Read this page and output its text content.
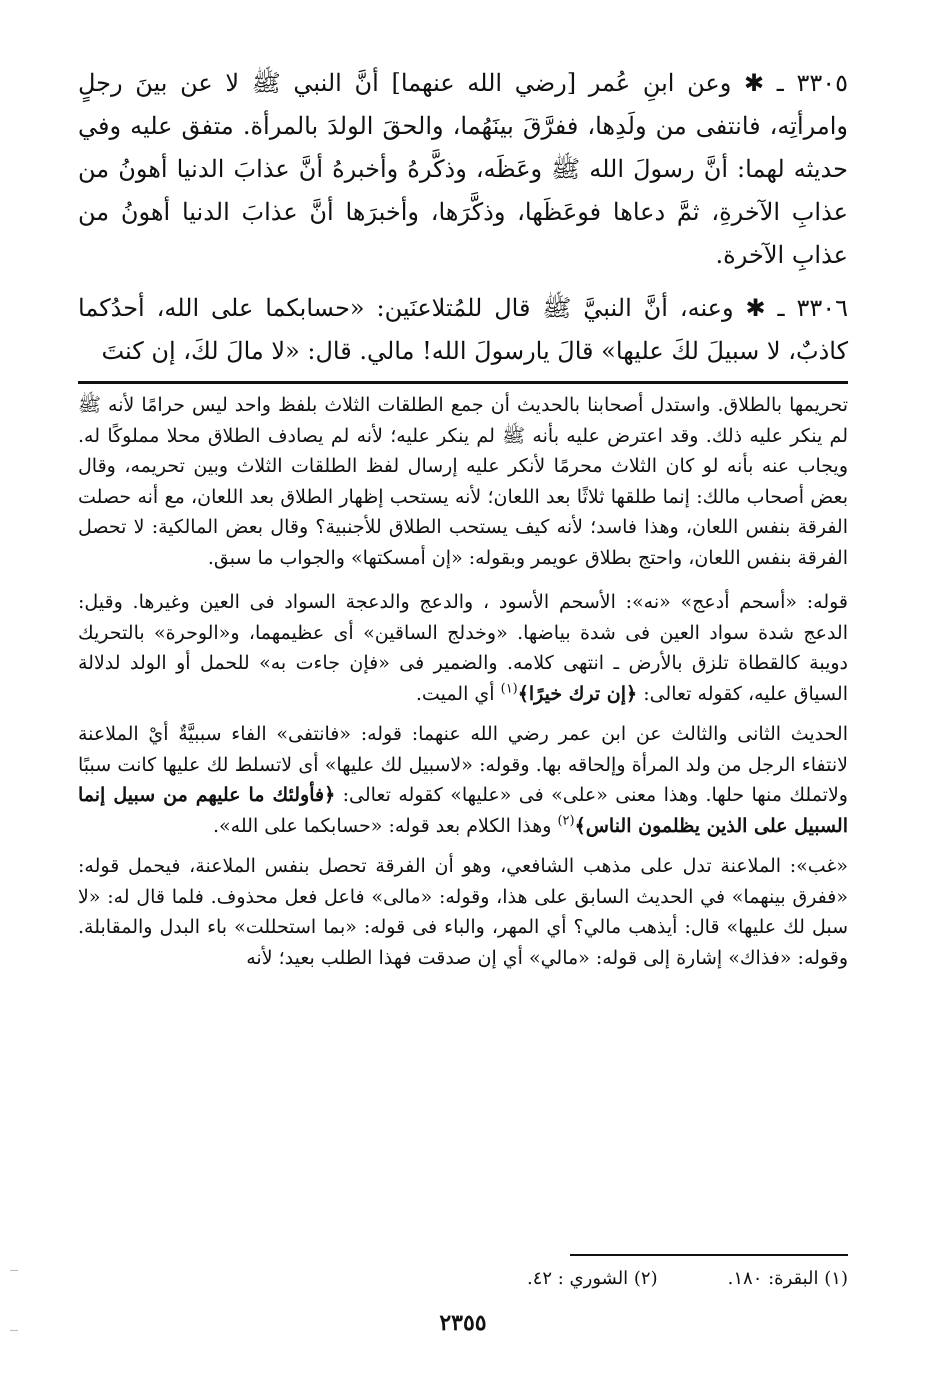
٣٣٠٥ ـ ✱ وعن ابنِ عُمر [رضي الله عنهما] أنَّ النبي ﷺ لا عن بينَ رجلٍ وامرأتِه، فانتفى من ولَدِها، ففرَّقَ بينَهُما، والحقَ الولدَ بالمرأة. متفق عليه وفي حديثه لهما: أنَّ رسولَ الله ﷺ وعَظَه، وذكَّرهُ وأخبرهُ أنَّ عذابَ الدنيا أهونُ من عذابِ الآخرةِ، ثمَّ دعاها فوعَظَها، وذكَّرَها، وأخبرَها أنَّ عذابَ الدنيا أهونُ من عذابِ الآخرة.

٣٣٠٦ ـ ✱ وعنه، أنَّ النبيَّ ﷺ قال للمُتلاعنَين: «حسابكما على الله، أحدُكما كاذبٌ، لا سبيلَ لكَ عليها» قالَ يارسولَ الله! مالي. قال: «لا مالَ لكَ، إن كنتَ

تحريمها بالطلاق. واستدل أصحابنا بالحديث أن جمع الطلقات الثلاث بلفظ واحد ليس حرامًا لأنه ﷺ لم ينكر عليه ذلك. وقد اعترض عليه بأنه ﷺ لم ينكر عليه؛ لأنه لم يصادف الطلاق محلا مملوكًا له. ويجاب عنه بأنه لو كان الثلاث محرمًا لأنكر عليه إرسال لفظ الطلقات الثلاث وبين تحريمه، وقال بعض أصحاب مالك: إنما طلقها ثلاثًا بعد اللعان؛ لأنه يستحب إظهار الطلاق بعد اللعان، مع أنه حصلت الفرقة بنفس اللعان، وهذا فاسد؛ لأنه كيف يستحب الطلاق للأجنبية؟ وقال بعض المالكية: لا تحصل الفرقة بنفس اللعان، واحتج بطلاق عويمر وبقوله: «إن أمسكتها» والجواب ما سبق.

قوله: «أسحم أدعج» «نه»: الأسحم الأسود ، والدعج والدعجة السواد فى العين وغيرها. وقيل: الدعج شدة سواد العين فى شدة بياضها. «وخدلج الساقين» أى عظيمهما، و«الوحرة» بالتحريك دويبة كالقطاة تلزق بالأرض ـ انتهى كلامه. والضمير فى «فإن جاءت به» للحمل أو الولد لدلالة السياق عليه، كقوله تعالى: ﴿إن ترك خيرًا﴾$^{(١)}$ أي الميت.

الحديث الثانى والثالث عن ابن عمر رضي الله عنهما: قوله: «فانتفى» الفاء سببيَّةٌ أيْ الملاعنة لانتفاء الرجل من ولد المرأة وإلحاقه بها. وقوله: «لاسبيل لك عليها» أى لاتسلط لك عليها كانت سببًا ولاتملك منها حلها. وهذا معنى «على» فى «عليها» كقوله تعالى: ﴿فأولئك ما عليهم من سبيل إنما السبيل على الذين يظلمون الناس﴾$^{(٢)}$ وهذا الكلام بعد قوله: «حسابكما على الله».

«غب»: الملاعنة تدل على مذهب الشافعي، وهو أن الفرقة تحصل بنفس الملاعنة، فيحمل قوله: «ففرق بينهما» في الحديث السابق على هذا، وقوله: «مالى» فاعل فعل محذوف. فلما قال له: «لا سبل لك عليها» قال: أيذهب مالي؟ أي المهر، والباء فى قوله: «بما استحللت» باء البدل والمقابلة. وقوله: «فذاك» إشارة إلى قوله: «مالي» أي إن صدقت فهذا الطلب بعيد؛ لأنه

(١) البقرة: ١٨٠.
(٢) الشوري : ٤٢.
٢٣٥٥
